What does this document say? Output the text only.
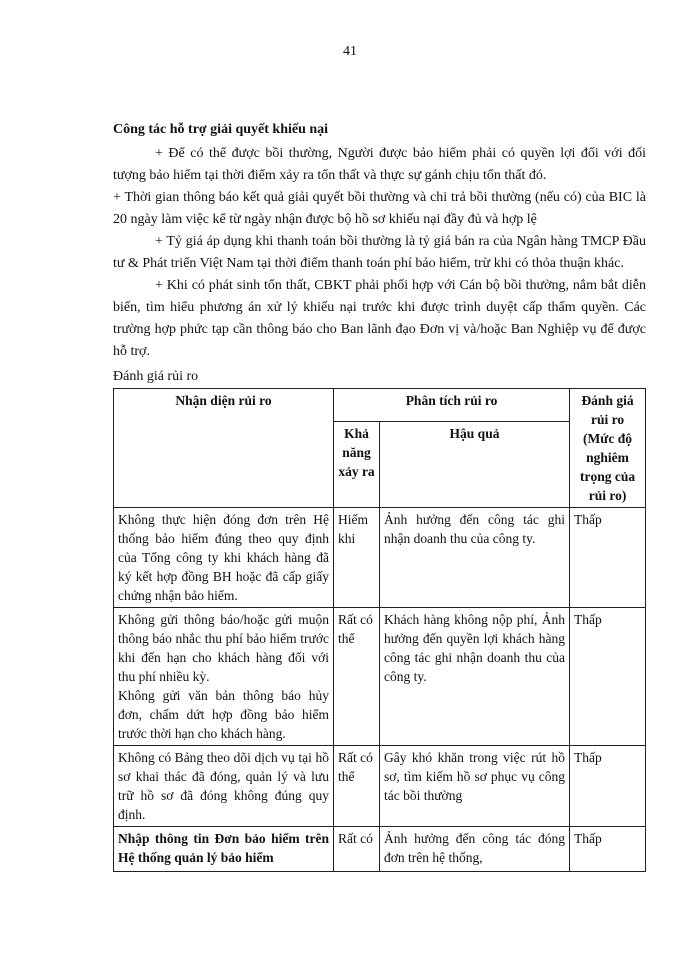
41
Công tác hỗ trợ giải quyết khiếu nại

+ Để có thể được bồi thường, Người được bảo hiểm phải có quyền lợi đối với đối tượng bảo hiểm tại thời điểm xảy ra tổn thất và thực sự gánh chịu tổn thất đó.

+ Thời gian thông báo kết quả giải quyết bồi thường và chi trả bồi thường (nếu có) của BIC là 20 ngày làm việc kể từ ngày nhận được bộ hồ sơ khiếu nại đầy đủ và hợp lệ

+ Tỷ giá áp dụng khi thanh toán bồi thường là tỷ giá bán ra của Ngân hàng TMCP Đầu tư & Phát triển Việt Nam tại thời điểm thanh toán phí bảo hiểm, trừ khi có thỏa thuận khác.

+ Khi có phát sinh tổn thất, CBKT phải phối hợp với Cán bộ bồi thường, nắm bắt diễn biến, tìm hiểu phương án xử lý khiếu nại trước khi được trình duyệt cấp thẩm quyền. Các trường hợp phức tạp cần thông báo cho Ban lãnh đạo Đơn vị và/hoặc Ban Nghiệp vụ để được hỗ trợ.

Đánh giá rủi ro
Nhận diện rủi ro	Phân tích rủi ro		Đánh giá rủi ro (Mức độ nghiêm trọng của rủi ro)
	Khả năng xảy ra	Hậu quả	
Không thực hiện đóng đơn trên Hệ thống bảo hiểm đúng theo quy định của Tổng công ty khi khách hàng đã ký kết hợp đồng BH hoặc đã cấp giấy chứng nhận bảo hiểm.	Hiếm khi	Ảnh hưởng đến công tác ghi nhận doanh thu của công ty.	Thấp

Không gửi thông báo/hoặc gửi muộn thông báo nhắc thu phí bảo hiểm trước khi đến hạn cho khách hàng đối với thu phí nhiều kỳ.
Không gửi văn bản thông báo hủy đơn, chấm dứt hợp đồng bảo hiểm trước thời hạn cho khách hàng.	Rất có thể	Khách hàng không nộp phí, Ảnh hưởng đến quyền lợi khách hàng công tác ghi nhận doanh thu của công ty.	Thấp
Không có Bảng theo dõi dịch vụ tại hồ sơ khai thác đã đóng, quản lý và lưu trữ hồ sơ đã đóng không đúng quy định.	Rất có thể	Gây khó khăn trong việc rút hồ sơ, tìm kiếm hồ sơ phục vụ công tác bồi thường	Thấp

Nhập thông tin Đơn bảo hiểm trên Hệ thống quản lý bảo hiểm	Rất có	Ảnh hưởng đến công tác đóng đơn trên hệ thống,	Thấp
